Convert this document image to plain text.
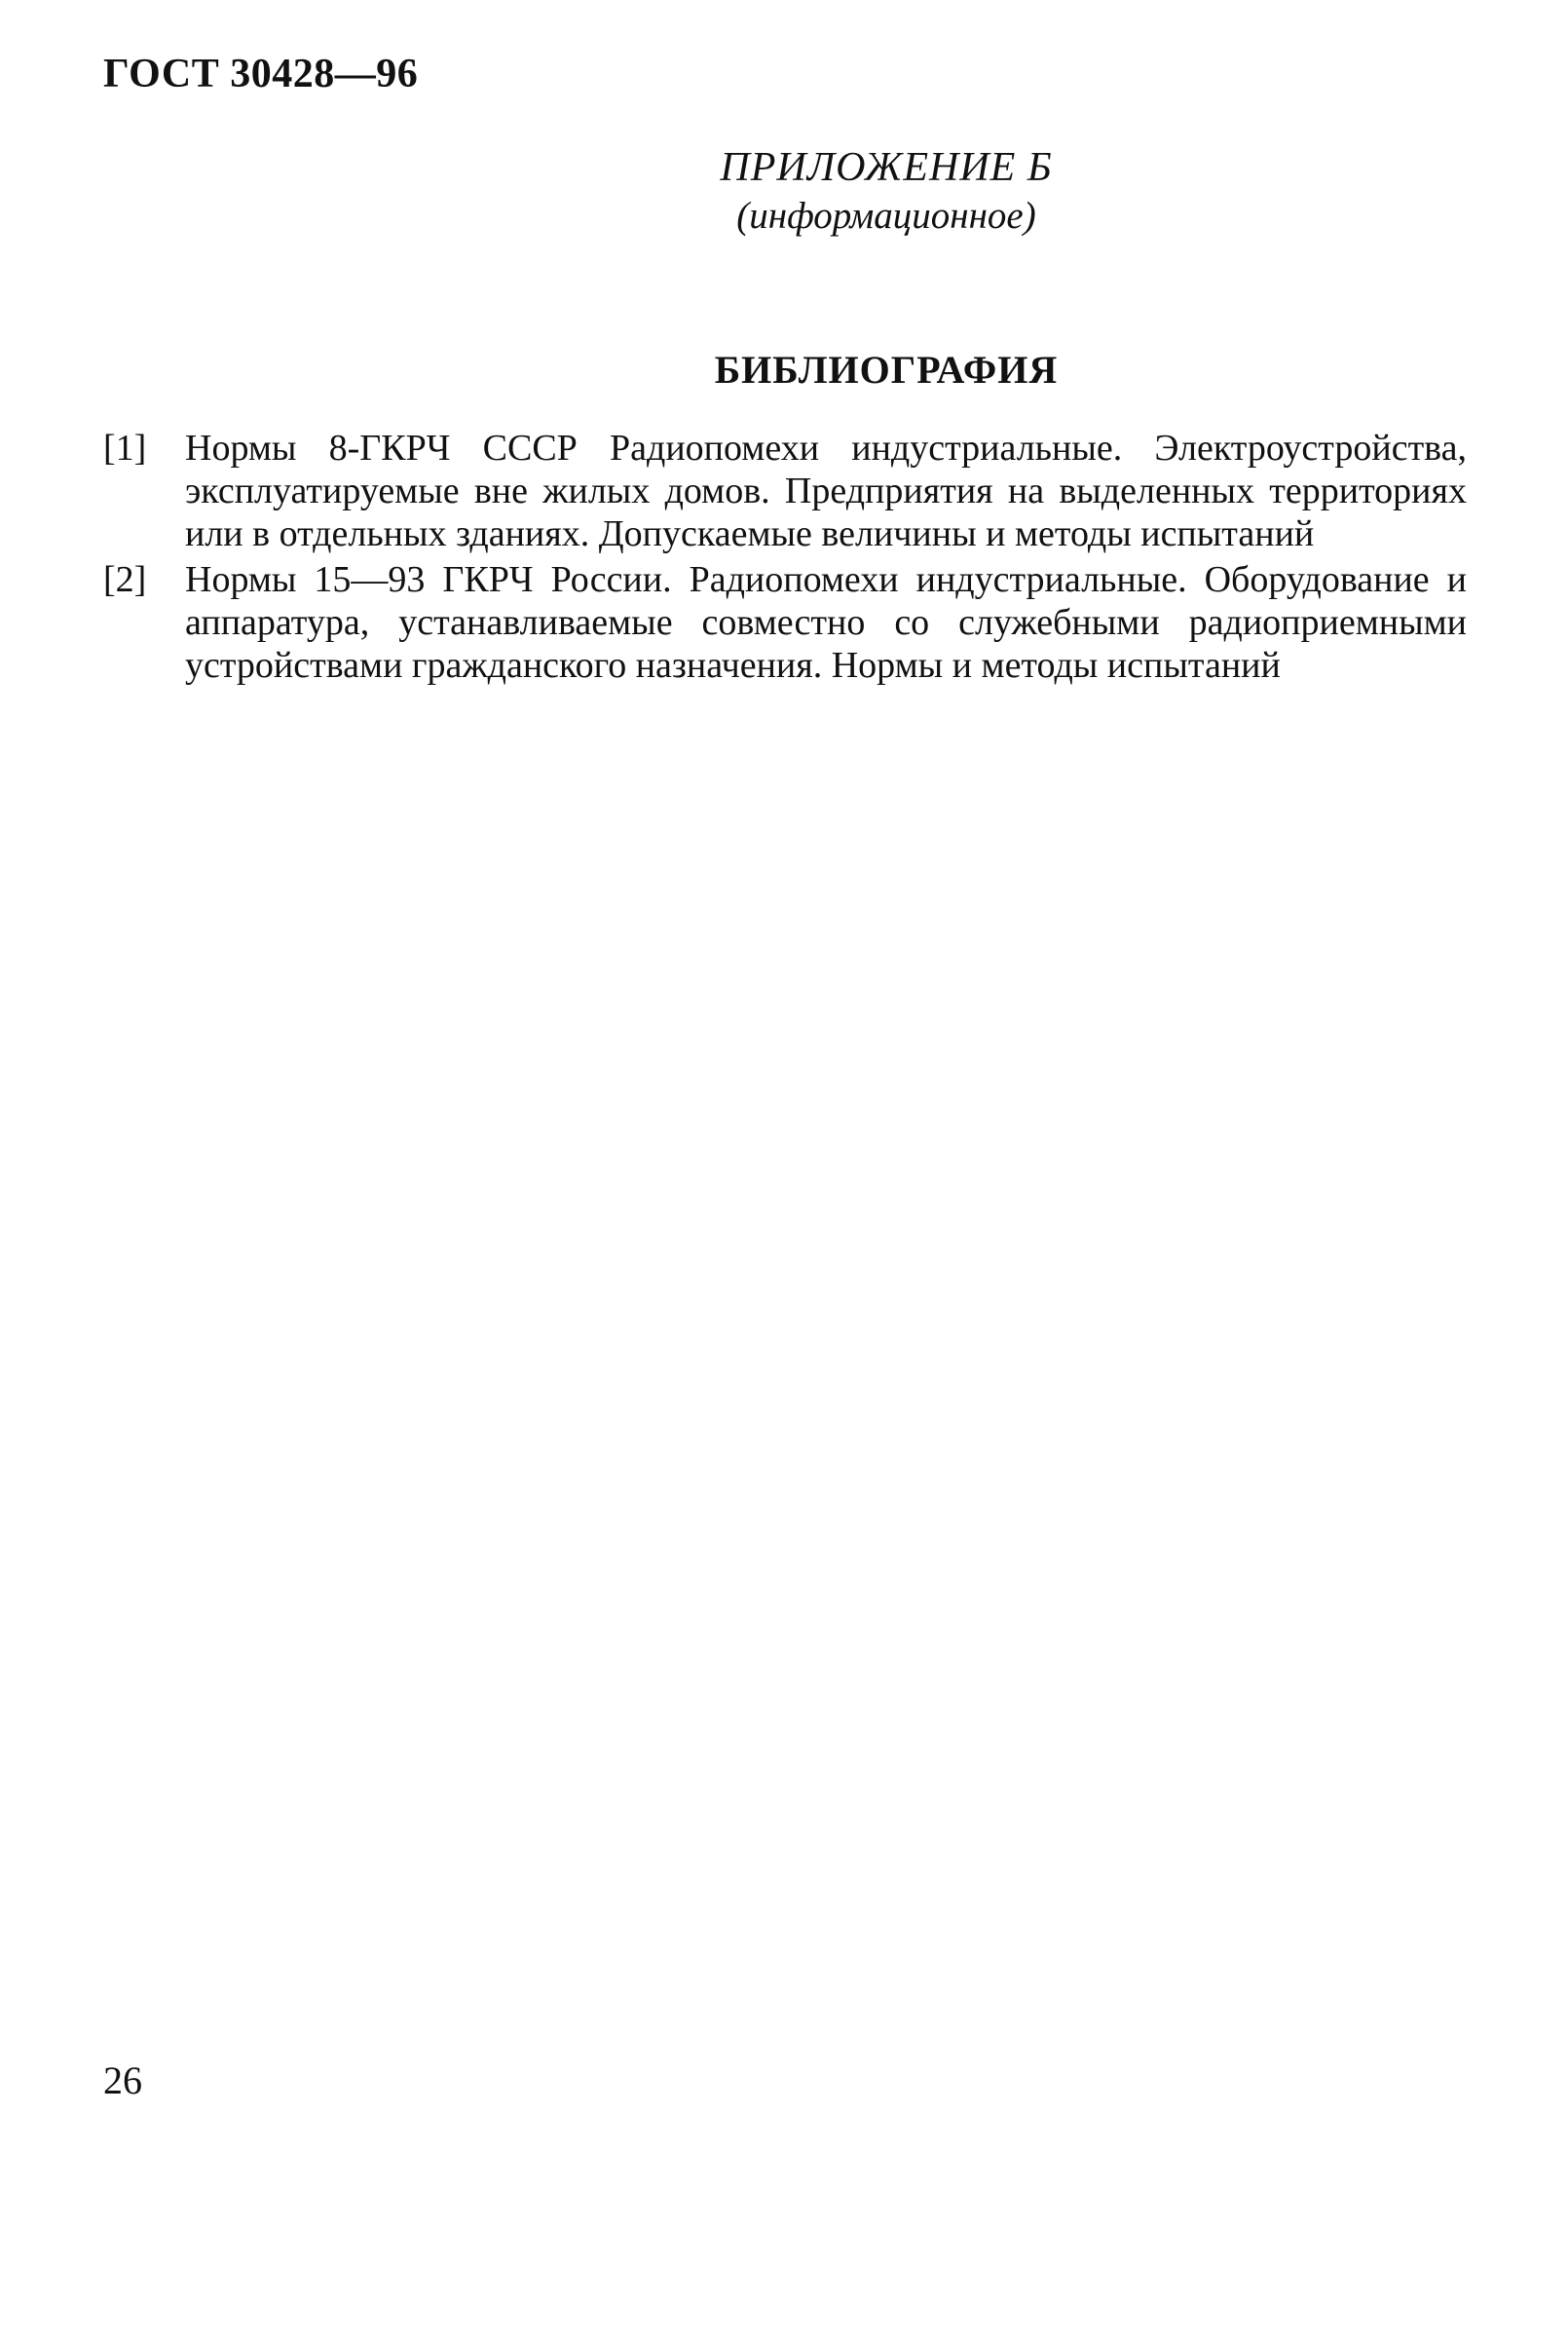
ГОСТ 30428—96
ПРИЛОЖЕНИЕ Б
(информационное)
БИБЛИОГРАФИЯ
[1]	Нормы 8-ГКРЧ СССР Радиопомехи индустриальные. Электроустройства, эксплуатируемые вне жилых домов. Предприятия на выделенных территориях или в отдельных зданиях. Допускаемые величины и методы испытаний
[2]	Нормы 15—93 ГКРЧ России. Радиопомехи индустриальные. Оборудование и аппаратура, устанавливаемые совместно со служебными радиоприемными устройствами гражданского назначения. Нормы и методы испытаний
26
